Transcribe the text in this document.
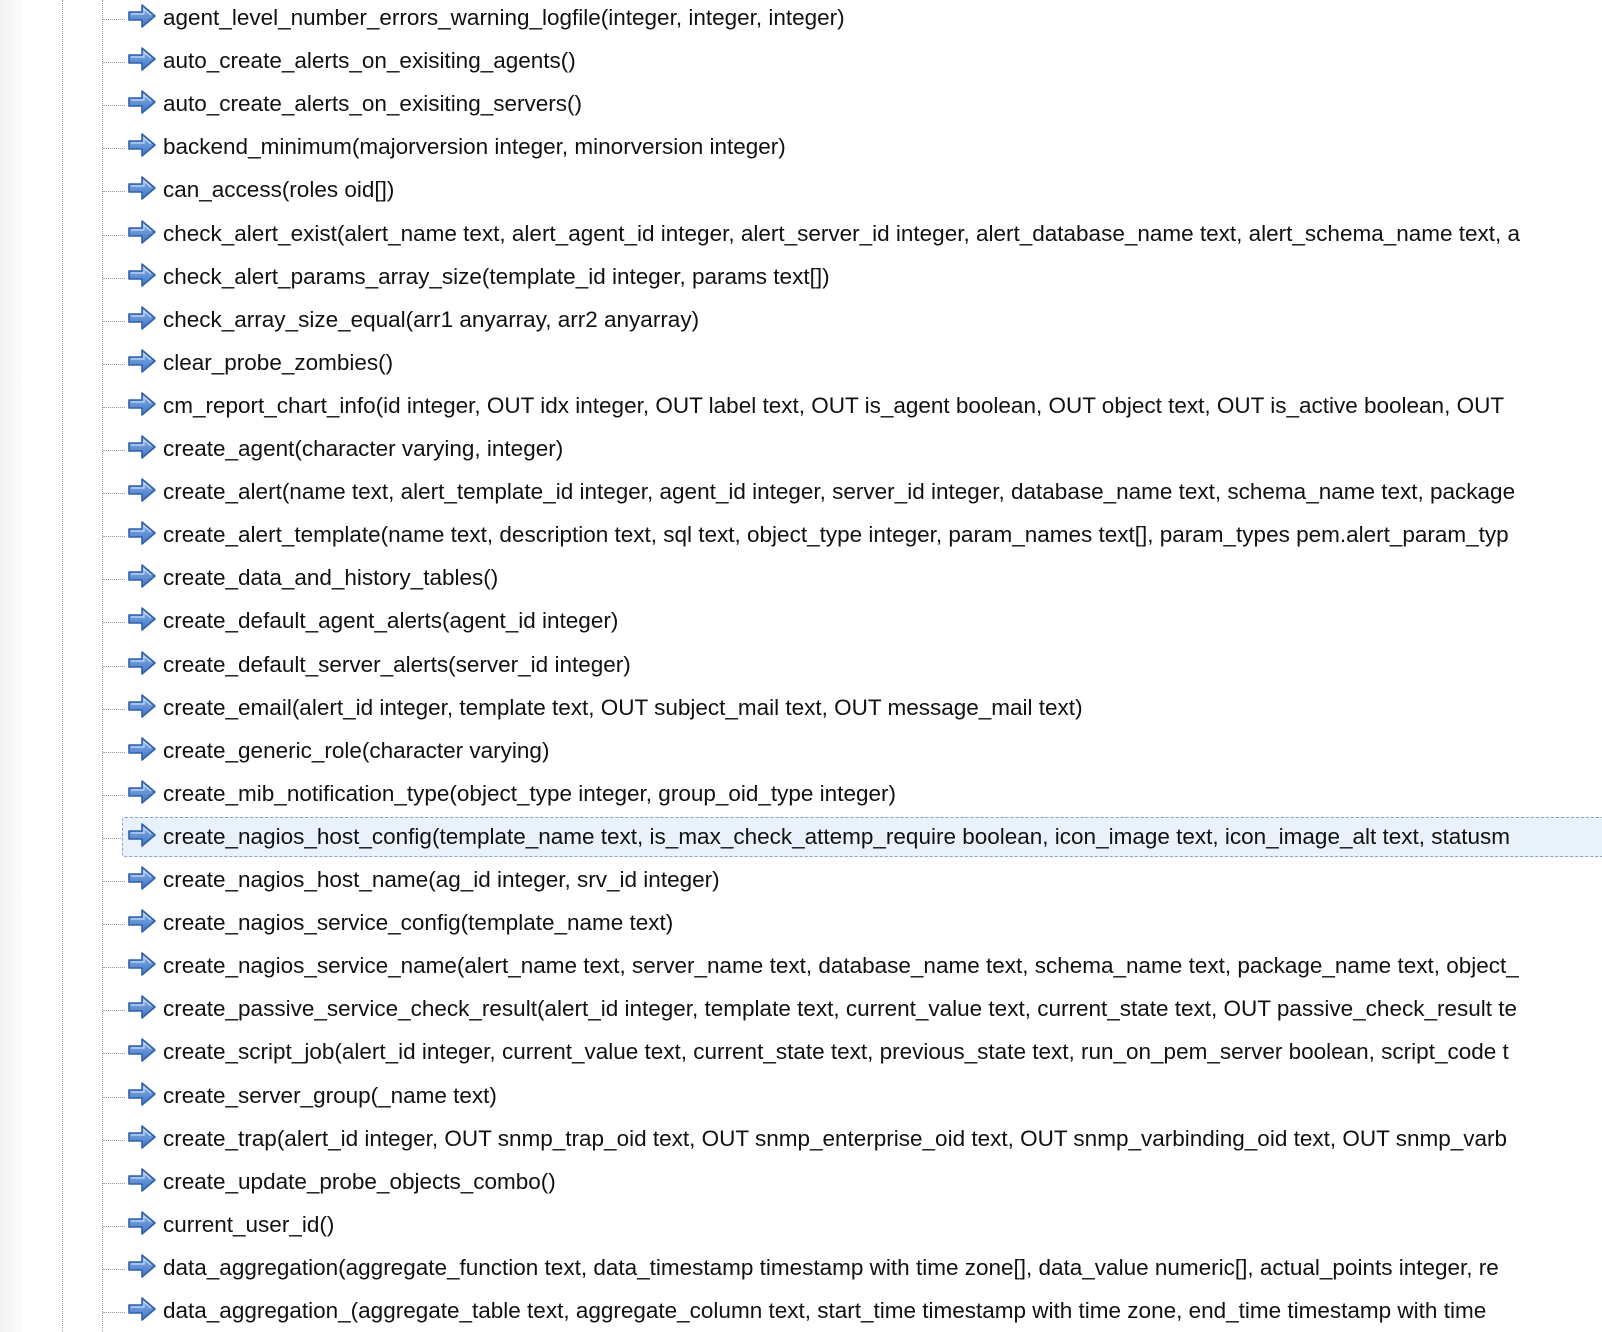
agent_level_number_errors_warning_logfile(integer, integer, integer)
auto_create_alerts_on_exisiting_agents()
auto_create_alerts_on_exisiting_servers()
backend_minimum(majorversion integer, minorversion integer)
can_access(roles oid[])
check_alert_exist(alert_name text, alert_agent_id integer, alert_server_id integer, alert_database_name text, alert_schema_name text, a
check_alert_params_array_size(template_id integer, params text[])
check_array_size_equal(arr1 anyarray, arr2 anyarray)
clear_probe_zombies()
cm_report_chart_info(id integer, OUT idx integer, OUT label text, OUT is_agent boolean, OUT object text, OUT is_active boolean, OUT
create_agent(character varying, integer)
create_alert(name text, alert_template_id integer, agent_id integer, server_id integer, database_name text, schema_name text, package
create_alert_template(name text, description text, sql text, object_type integer, param_names text[], param_types pem.alert_param_typ
create_data_and_history_tables()
create_default_agent_alerts(agent_id integer)
create_default_server_alerts(server_id integer)
create_email(alert_id integer, template text, OUT subject_mail text, OUT message_mail text)
create_generic_role(character varying)
create_mib_notification_type(object_type integer, group_oid_type integer)
create_nagios_host_config(template_name text, is_max_check_attemp_require boolean, icon_image text, icon_image_alt text, statusm
create_nagios_host_name(ag_id integer, srv_id integer)
create_nagios_service_config(template_name text)
create_nagios_service_name(alert_name text, server_name text, database_name text, schema_name text, package_name text, object_
create_passive_service_check_result(alert_id integer, template text, current_value text, current_state text, OUT passive_check_result te
create_script_job(alert_id integer, current_value text, current_state text, previous_state text, run_on_pem_server boolean, script_code t
create_server_group(_name text)
create_trap(alert_id integer, OUT snmp_trap_oid text, OUT snmp_enterprise_oid text, OUT snmp_varbinding_oid text, OUT snmp_varb
create_update_probe_objects_combo()
current_user_id()
data_aggregation(aggregate_function text, data_timestamp timestamp with time zone[], data_value numeric[], actual_points integer, re
data_aggregation_(aggregate_table text, aggregate_column text, start_time timestamp with time zone, end_time timestamp with time
